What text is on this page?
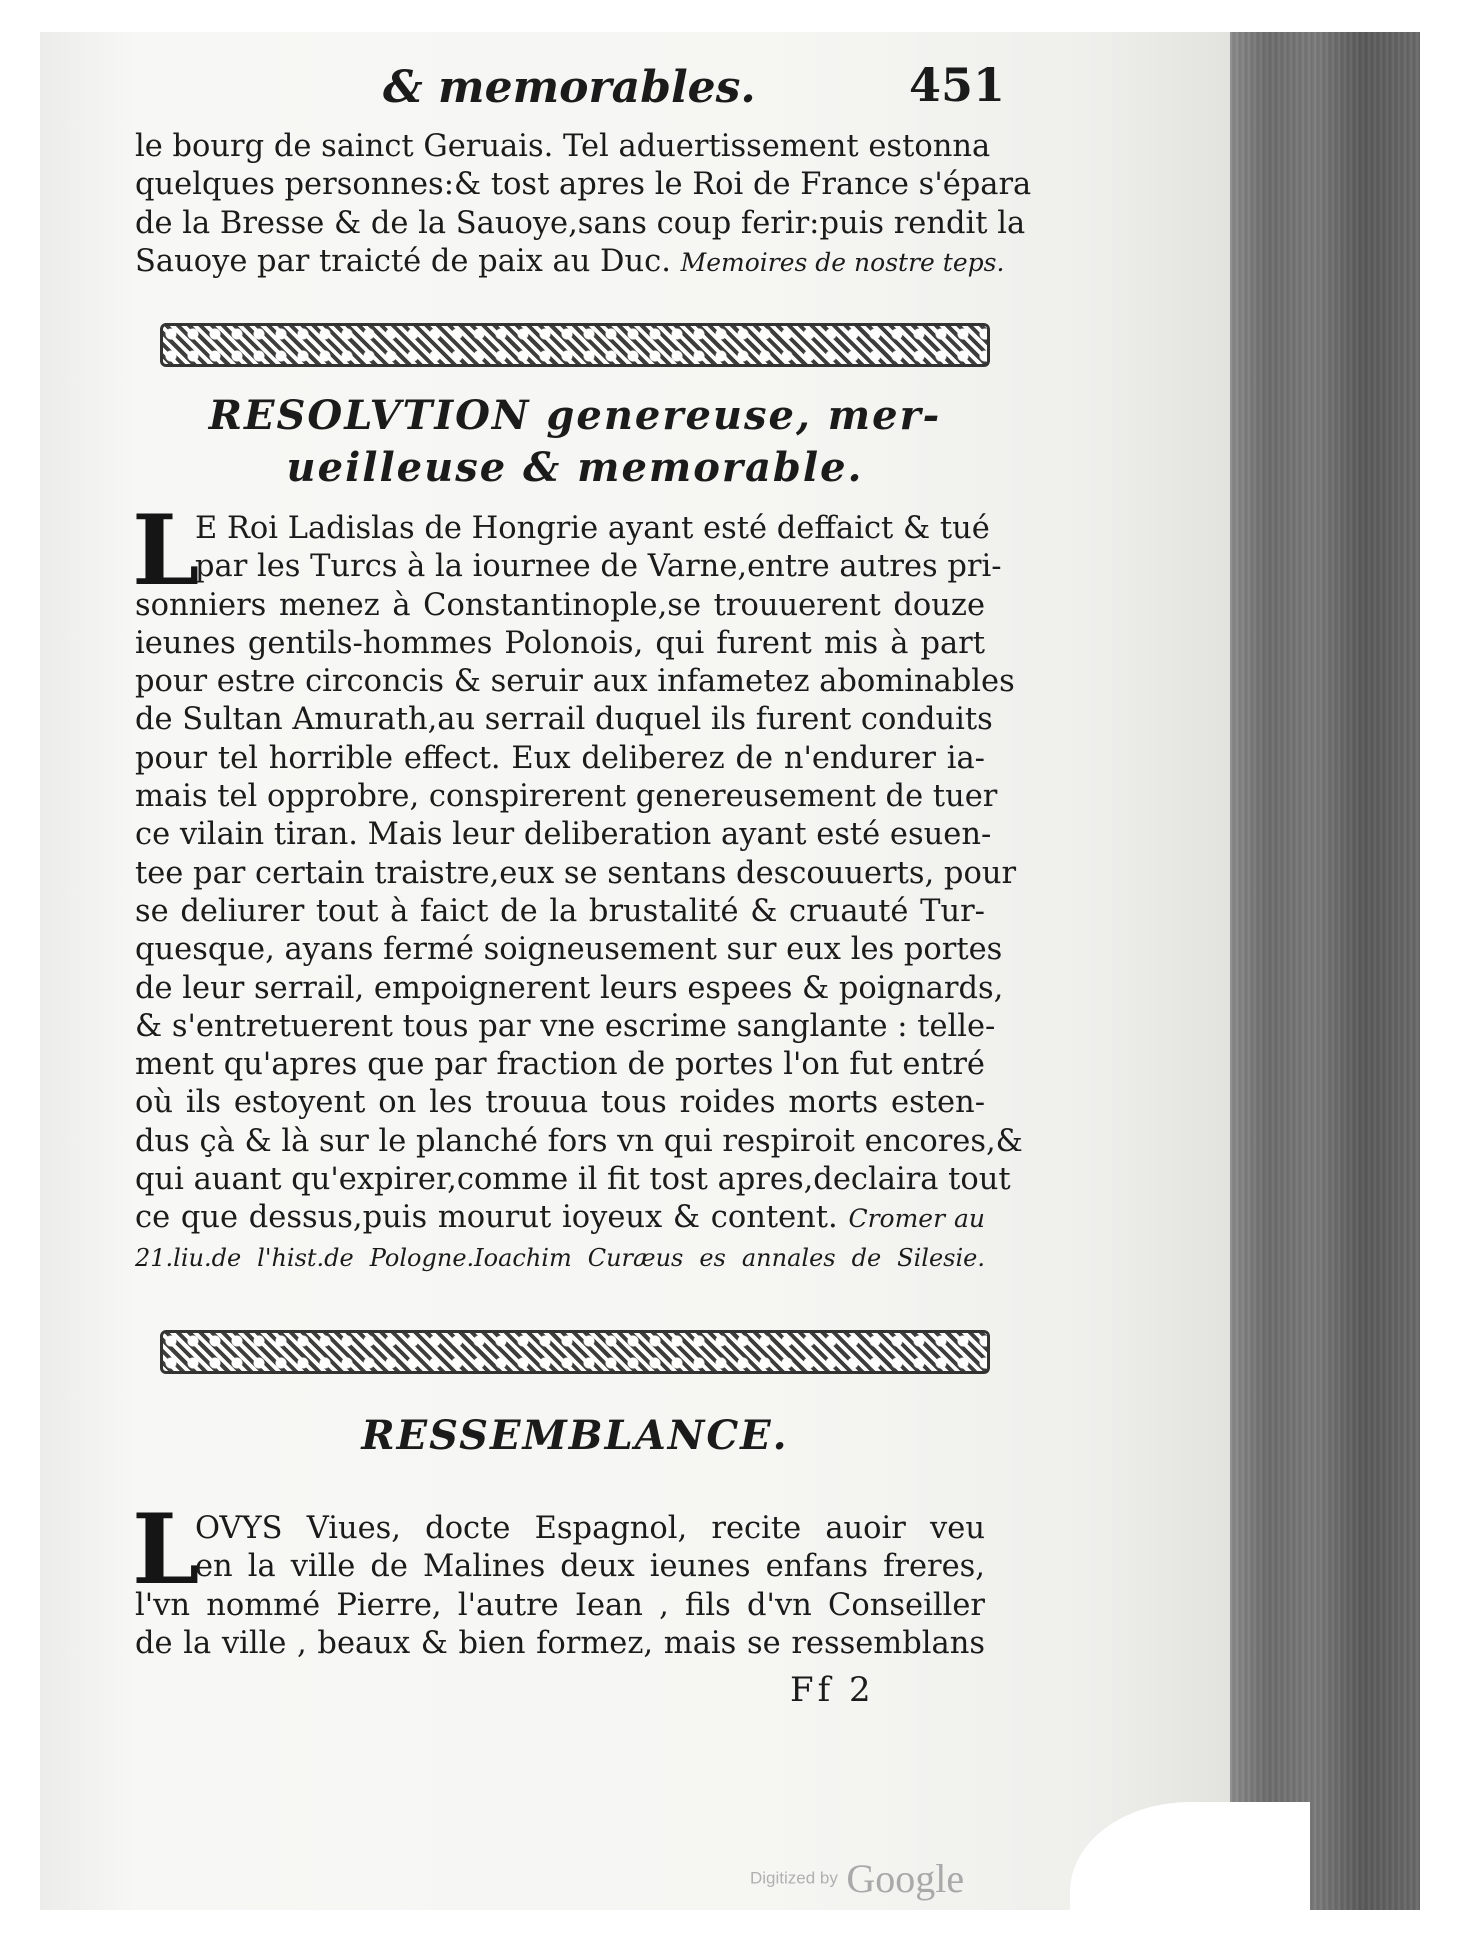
& memorables.	451
le bourg de sainct Geruais. Tel aduertissement estonna
quelques personnes:& tost apres le Roi de France s'épara
de la Bresse & de la Sauoye,sans coup ferir:puis rendit la
Sauoye par traicté de paix au Duc. Memoires de nostre teps.
RESOLVTION genereuse, mer-
ueilleuse & memorable.
L
E Roi Ladislas de Hongrie ayant esté deffaict & tué
par les Turcs à la iournee de Varne,entre autres pri-
sonniers menez à Constantinople,se trouuerent douze
ieunes gentils-hommes Polonois, qui furent mis à part
pour estre circoncis & seruir aux infametez abominables
de Sultan Amurath,au serrail duquel ils furent conduits
pour tel horrible effect. Eux deliberez de n'endurer ia-
mais tel opprobre, conspirerent genereusement de tuer
ce vilain tiran. Mais leur deliberation ayant esté esuen-
tee par certain traistre,eux se sentans descouuerts, pour
se deliurer tout à faict de la brustalité & cruauté Tur-
quesque, ayans fermé soigneusement sur eux les portes
de leur serrail, empoignerent leurs espees & poignards,
& s'entretuerent tous par vne escrime sanglante : telle-
ment qu'apres que par fraction de portes l'on fut entré
où ils estoyent on les trouua tous roides morts esten-
dus çà & là sur le planché fors vn qui respiroit encores,&
qui auant qu'expirer,comme il fit tost apres,declaira tout
ce que dessus,puis mourut ioyeux & content. Cromer au
21.liu.de l'hist.de Pologne.Ioachim Curæus es annales de Silesie.
RESSEMBLANCE.
L
OVYS Viues, docte Espagnol, recite auoir veu
en la ville de Malines deux ieunes enfans freres,
l'vn nommé Pierre, l'autre Iean , fils d'vn Conseiller
de la ville , beaux & bien formez, mais se ressemblans
Ff 2
Digitized by Google
